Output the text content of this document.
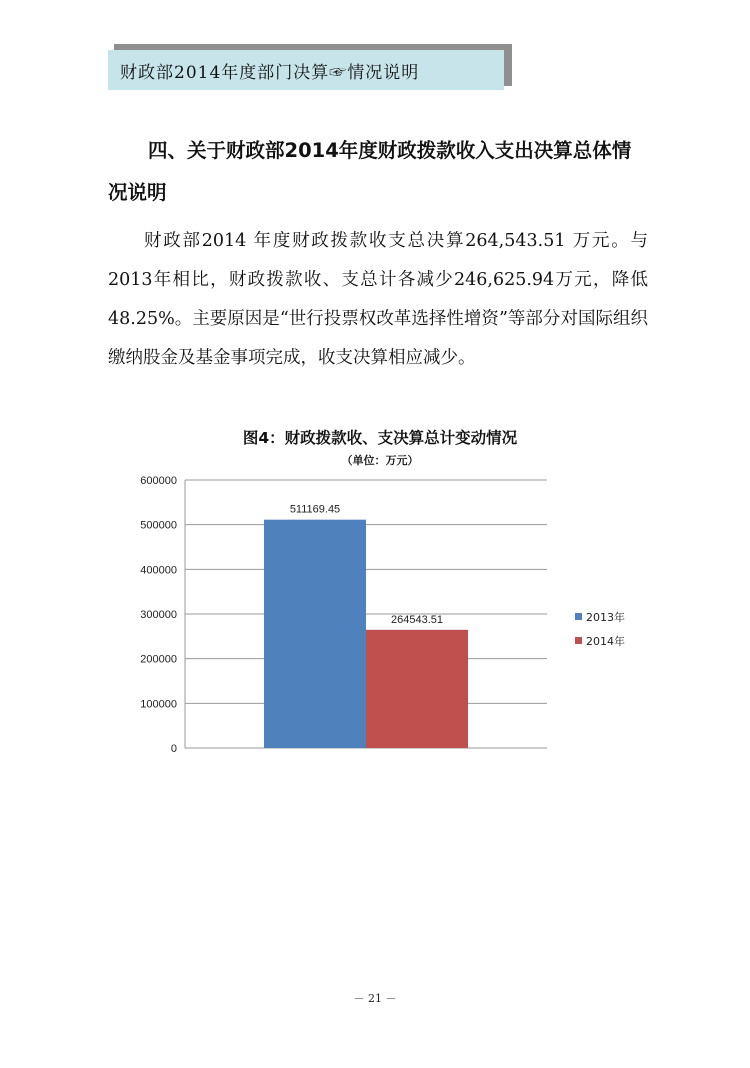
财政部2014年度部门决算☞情况说明

四、关于财政部2014年度财政拨款收入支出决算总体情况说明

财政部2014 年度财政拨款收支总决算264,543.51 万元。与2013年相比，财政拨款收、支总计各减少246,625.94万元，降低48.25%。主要原因是“世行投票权改革选择性增资”等部分对国际组织缴纳股金及基金事项完成，收支决算相应减少。

图4：财政拨款收、支决算总计变动情况
（单位：万元）
0
100000
200000
300000
400000
500000
600000
511169.45
264543.51	2013年
2014年
－ 21 －
